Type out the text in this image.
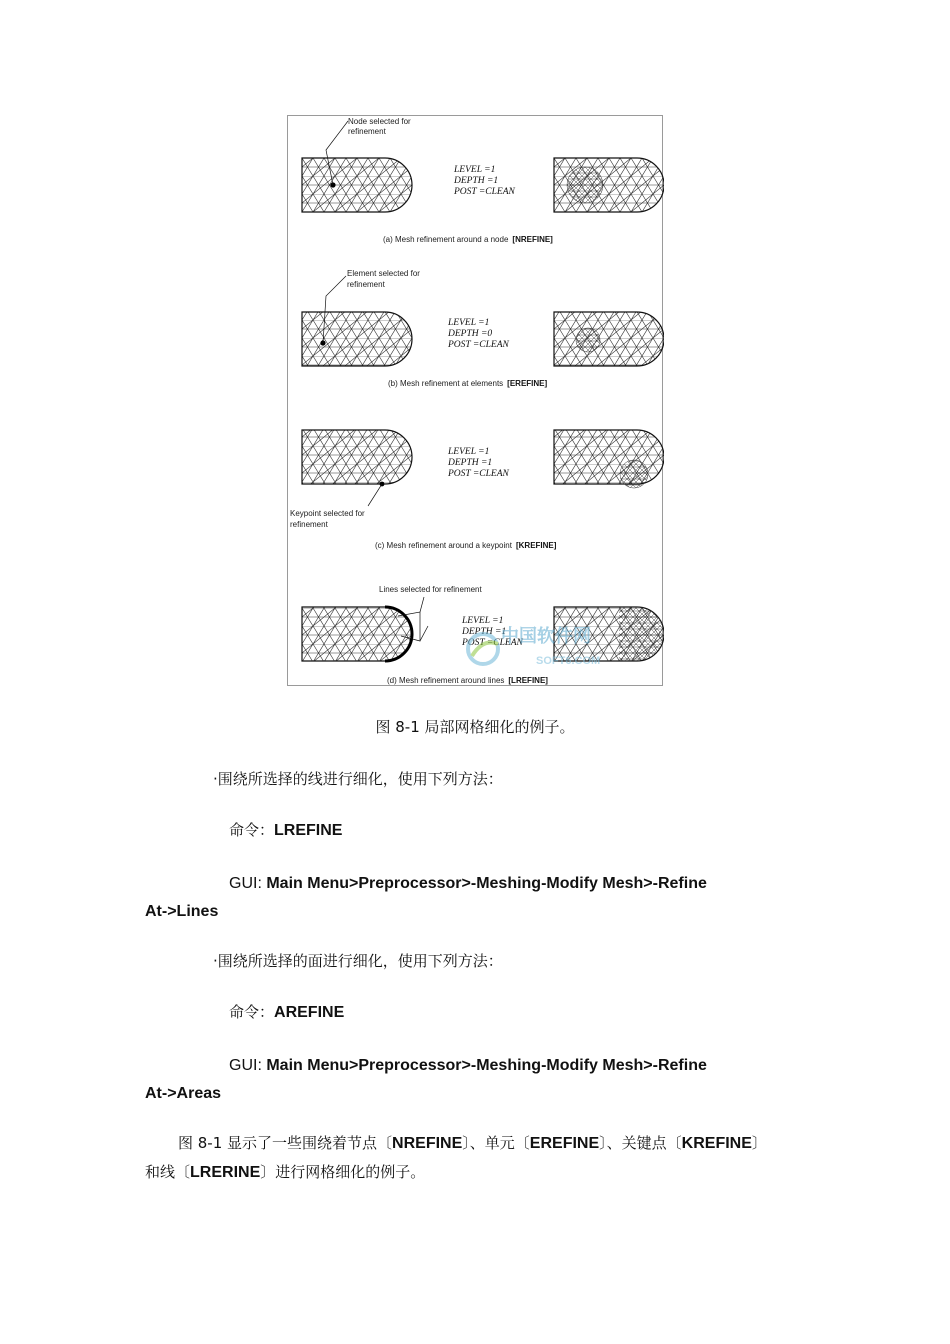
Node selected for
refinement
LEVEL =1
DEPTH =1
POST =CLEAN
(a) Mesh refinement around a node [NREFINE]
Element selected for
refinement
LEVEL =1
DEPTH =0
POST =CLEAN
(b) Mesh refinement at elements [EREFINE]
Keypoint selected for
refinement
LEVEL =1
DEPTH =1
POST =CLEAN
(c) Mesh refinement around a keypoint [KREFINE]
Lines selected for refinement
LEVEL =1
DEPTH =1
POST =CLEAN
(d) Mesh refinement around lines [LREFINE]
中国软件网
SOFT6.COM
图 8-1 局部网格细化的例子。
·围绕所选择的线进行细化，使用下列方法：
命令：LREFINE
GUI: Main Menu>Preprocessor>-Meshing-Modify Mesh>-Refine
At->Lines
·围绕所选择的面进行细化，使用下列方法：
命令：AREFINE
GUI: Main Menu>Preprocessor>-Meshing-Modify Mesh>-Refine
At->Areas
图 8-1 显示了一些围绕着节点〔NREFINE〕、单元〔EREFINE〕、关键点〔KREFINE〕
和线〔LRERINE〕进行网格细化的例子。
